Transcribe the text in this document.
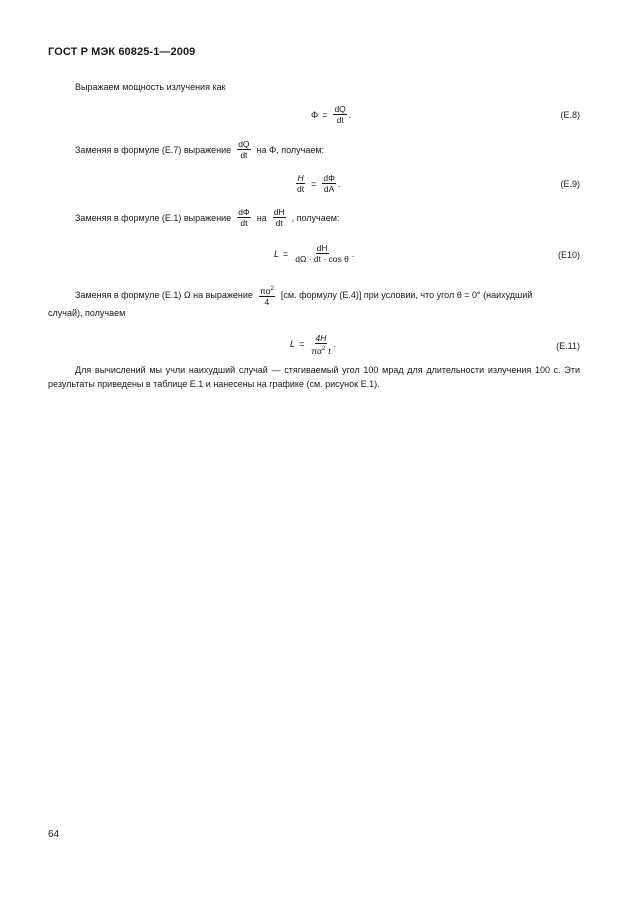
ГОСТ Р МЭК 60825-1—2009
Выражаем мощность излучения как
$\Phi = \frac{dQ}{dt}$ .	(E.8)
Заменяя в формуле (E.7) выражение $\frac{dQ}{dt}$ на Φ, получаем:
$\frac{H}{dt} = \frac{d\Phi}{dA}$ .	(E.9)
Заменяя в формуле (E.1) выражение $\frac{d\Phi}{dt}$ на $\frac{dH}{dt}$ , получаем:
$L = \frac{dH}{\text{dΩ · dt · cos θ}}$ .	(E10)
Заменяя в формуле (E.1) Ω на выражение $\frac{\pi\alpha^2}{4} [см$. формулу (E.4)] при условии, что угол θ = 0° (наихудший
случай), получаем
$L = \frac{4H}{\pi\alpha^2 t}$ .	(E.11)
Для вычислений мы учли наихудший случай — стягиваемый угол 100 мрад для длительности излучения 100 с. Эти результаты приведены в таблице E.1 и нанесены на графике (см. рисунок E.1).
64
